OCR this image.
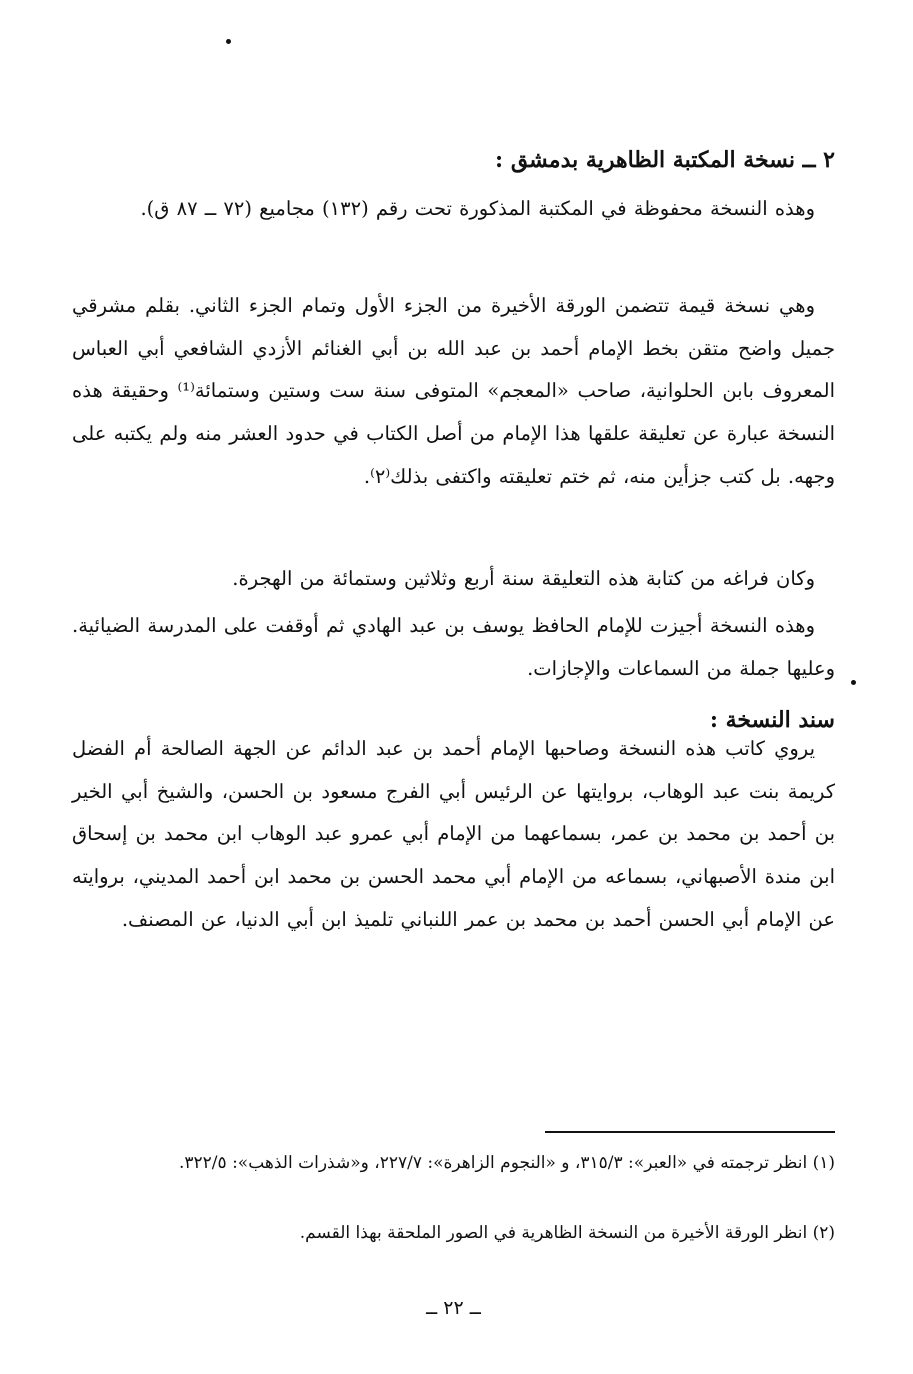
٢ ــ نسخة المكتبة الظاهرية بدمشق :
وهذه النسخة محفوظة في المكتبة المذكورة تحت رقم (١٣٢) مجاميع (٧٢ ــ ٨٧ ق).
وهي نسخة قيمة تتضمن الورقة الأخيرة من الجزء الأول وتمام الجزء الثاني. بقلم مشرقي جميل واضح متقن بخط الإمام أحمد بن عبد الله بن أبي الغنائم الأزدي الشافعي أبي العباس المعروف بابن الحلوانية، صاحب «المعجم» المتوفى سنة ست وستين وستمائة⁽¹⁾ وحقيقة هذه النسخة عبارة عن تعليقة علقها هذا الإمام من أصل الكتاب في حدود العشر منه ولم يكتبه على وجهه. بل كتب جزأين منه، ثم ختم تعليقته واكتفى بذلك⁽٢⁾.
وكان فراغه من كتابة هذه التعليقة سنة أربع وثلاثين وستمائة من الهجرة.
وهذه النسخة أجيزت للإمام الحافظ يوسف بن عبد الهادي ثم أوقفت على المدرسة الضيائية. وعليها جملة من السماعات والإجازات.
سند النسخة :
يروي كاتب هذه النسخة وصاحبها الإمام أحمد بن عبد الدائم عن الجهة الصالحة أم الفضل كريمة بنت عبد الوهاب، بروايتها عن الرئيس أبي الفرج مسعود بن الحسن، والشيخ أبي الخير بن أحمد بن محمد بن عمر، بسماعهما من الإمام أبي عمرو عبد الوهاب ابن محمد بن إسحاق ابن مندة الأصبهاني، بسماعه من الإمام أبي محمد الحسن بن محمد ابن أحمد المديني، بروايته عن الإمام أبي الحسن أحمد بن محمد بن عمر اللنباني تلميذ ابن أبي الدنيا، عن المصنف.
(١) انظر ترجمته في «العبر»: ٣١٥/٣، و «النجوم الزاهرة»: ٢٢٧/٧، و«شذرات الذهب»: ٣٢٢/٥.
(٢) انظر الورقة الأخيرة من النسخة الظاهرية في الصور الملحقة بهذا القسم.
ــ ٢٢ ــ
